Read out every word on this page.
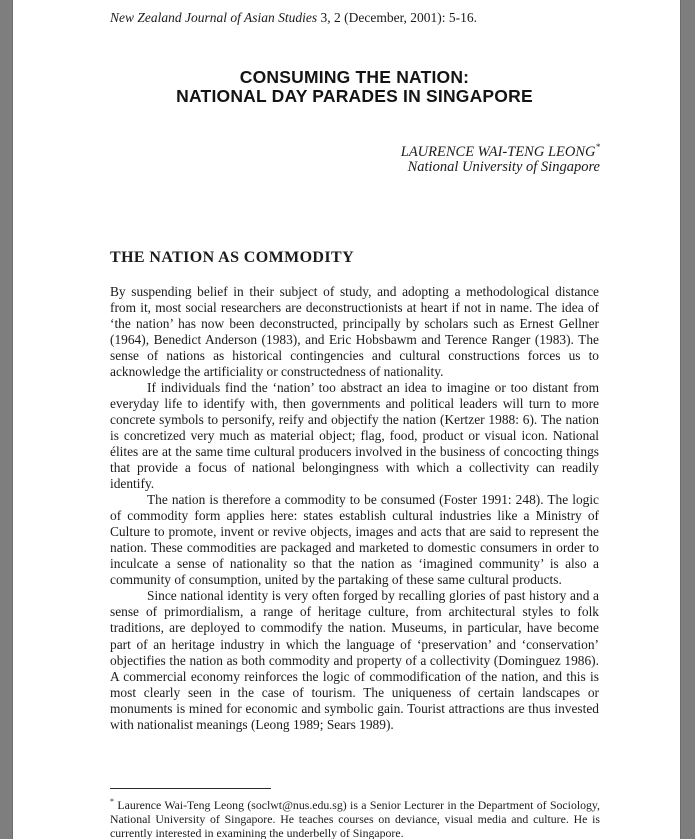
New Zealand Journal of Asian Studies 3, 2 (December, 2001): 5-16.
CONSUMING THE NATION:
NATIONAL DAY PARADES IN SINGAPORE
LAURENCE WAI-TENG LEONG*
National University of Singapore
THE NATION AS COMMODITY

By suspending belief in their subject of study, and adopting a methodological distance from it, most social researchers are deconstructionists at heart if not in name. The idea of ‘the nation’ has now been deconstructed, principally by scholars such as Ernest Gellner (1964), Benedict Anderson (1983), and Eric Hobsbawm and Terence Ranger (1983). The sense of nations as historical contingencies and cultural constructions forces us to acknowledge the artificiality or constructedness of nationality.

If individuals find the ‘nation’ too abstract an idea to imagine or too distant from everyday life to identify with, then governments and political leaders will turn to more concrete symbols to personify, reify and objectify the nation (Kertzer 1988: 6). The nation is concretized very much as material object; flag, food, product or visual icon. National élites are at the same time cultural producers involved in the business of concocting things that provide a focus of national belongingness with which a collectivity can readily identify.

The nation is therefore a commodity to be consumed (Foster 1991: 248). The logic of commodity form applies here: states establish cultural industries like a Ministry of Culture to promote, invent or revive objects, images and acts that are said to represent the nation. These commodities are packaged and marketed to domestic consumers in order to inculcate a sense of nationality so that the nation as ‘imagined community’ is also a community of consumption, united by the partaking of these same cultural products.

Since national identity is very often forged by recalling glories of past history and a sense of primordialism, a range of heritage culture, from architectural styles to folk traditions, are deployed to commodify the nation. Museums, in particular, have become part of an heritage industry in which the language of ‘preservation’ and ‘conservation’ objectifies the nation as both commodity and property of a collectivity (Dominguez 1986). A commercial economy reinforces the logic of commodification of the nation, and this is most clearly seen in the case of tourism. The uniqueness of certain landscapes or monuments is mined for economic and symbolic gain. Tourist attractions are thus invested with nationalist meanings (Leong 1989; Sears 1989).

* Laurence Wai-Teng Leong (soclwt@nus.edu.sg) is a Senior Lecturer in the Department of Sociology, National University of Singapore. He teaches courses on deviance, visual media and culture. He is currently interested in examining the underbelly of Singapore.
